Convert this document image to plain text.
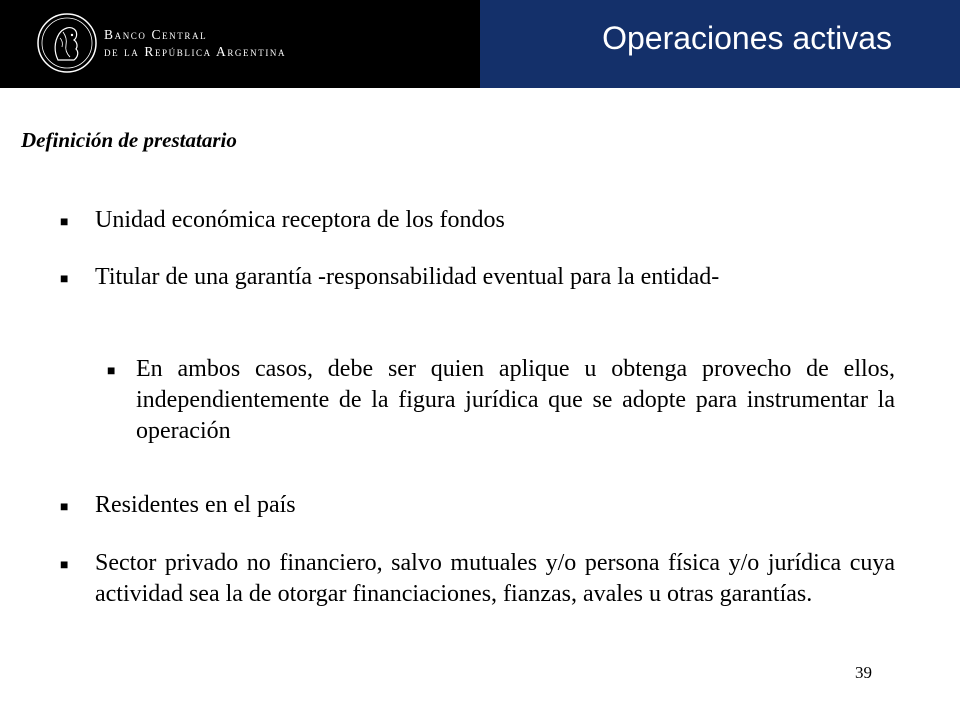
Banco Central
de la República Argentina	Operaciones activas
Definición de prestatario
■ Unidad económica receptora de los fondos
■ Titular de una garantía -responsabilidad eventual para la entidad-
■ En ambos casos, debe ser quien aplique u obtenga provecho de ellos, independientemente de la figura jurídica que se adopte para instrumentar la operación
■ Residentes en el país
■ Sector privado no financiero, salvo mutuales y/o persona física y/o jurídica cuya actividad sea la de otorgar financiaciones, fianzas, avales u otras garantías.
39
